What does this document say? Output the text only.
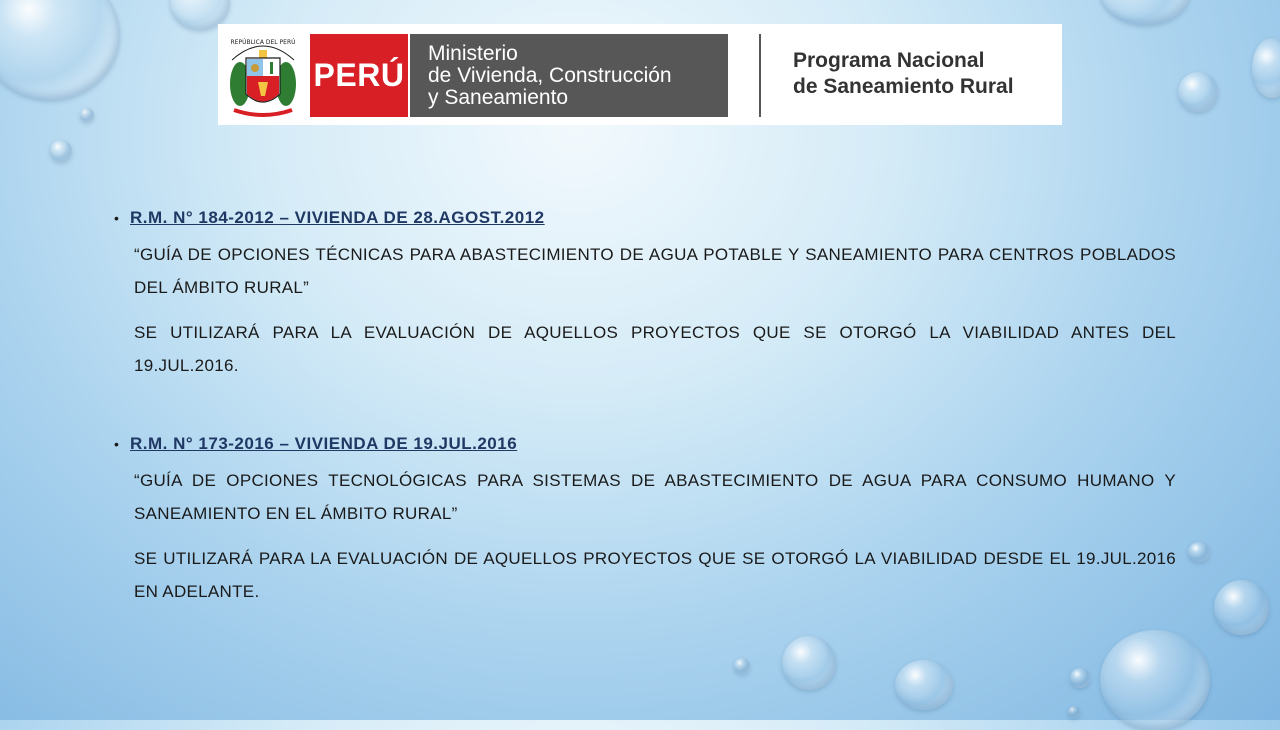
REPÚBLICA DEL PERÚ
PERÚ
Ministerio
de Vivienda, Construcción
y Saneamiento
Programa Nacional
de Saneamiento Rural
• R.M. N° 184-2012 – VIVIENDA DE 28.AGOST.2012

“GUÍA DE OPCIONES TÉCNICAS PARA ABASTECIMIENTO DE AGUA POTABLE Y SANEAMIENTO PARA CENTROS POBLADOS DEL ÁMBITO RURAL”

SE UTILIZARÁ PARA LA EVALUACIÓN DE AQUELLOS PROYECTOS QUE SE OTORGÓ LA VIABILIDAD ANTES DEL 19.JUL.2016.

• R.M. N° 173-2016 – VIVIENDA DE 19.JUL.2016

“GUÍA DE OPCIONES TECNOLÓGICAS PARA SISTEMAS DE ABASTECIMIENTO DE AGUA PARA CONSUMO HUMANO Y SANEAMIENTO EN EL ÁMBITO RURAL”

SE UTILIZARÁ PARA LA EVALUACIÓN DE AQUELLOS PROYECTOS QUE SE OTORGÓ LA VIABILIDAD DESDE EL 19.JUL.2016 EN ADELANTE.
